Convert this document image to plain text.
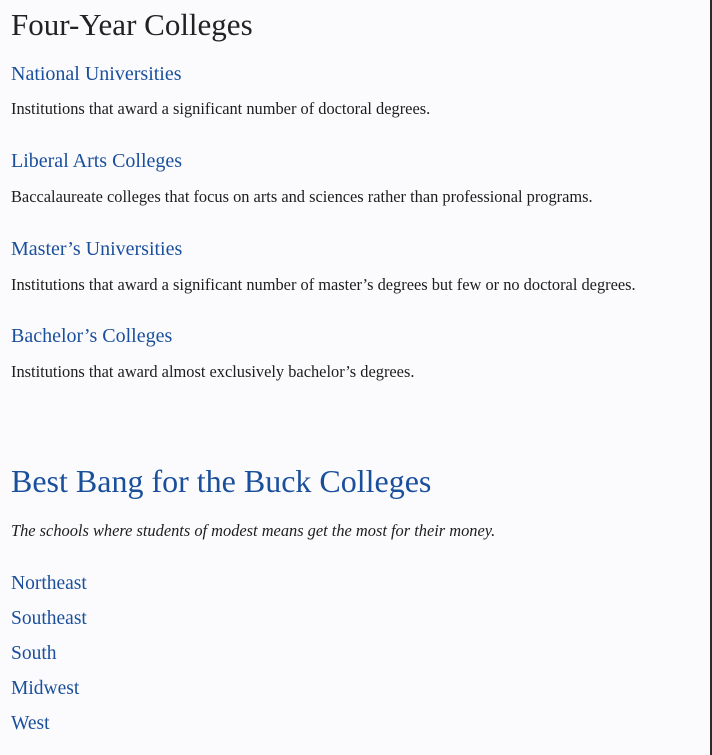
Four-Year Colleges
National Universities

Institutions that award a significant number of doctoral degrees.

Liberal Arts Colleges

Baccalaureate colleges that focus on arts and sciences rather than professional programs.

Master’s Universities

Institutions that award a significant number of master’s degrees but few or no doctoral degrees.

Bachelor’s Colleges

Institutions that award almost exclusively bachelor’s degrees.

Best Bang for the Buck Colleges

The schools where students of modest means get the most for their money.

Northeast
Southeast
South
Midwest
West
